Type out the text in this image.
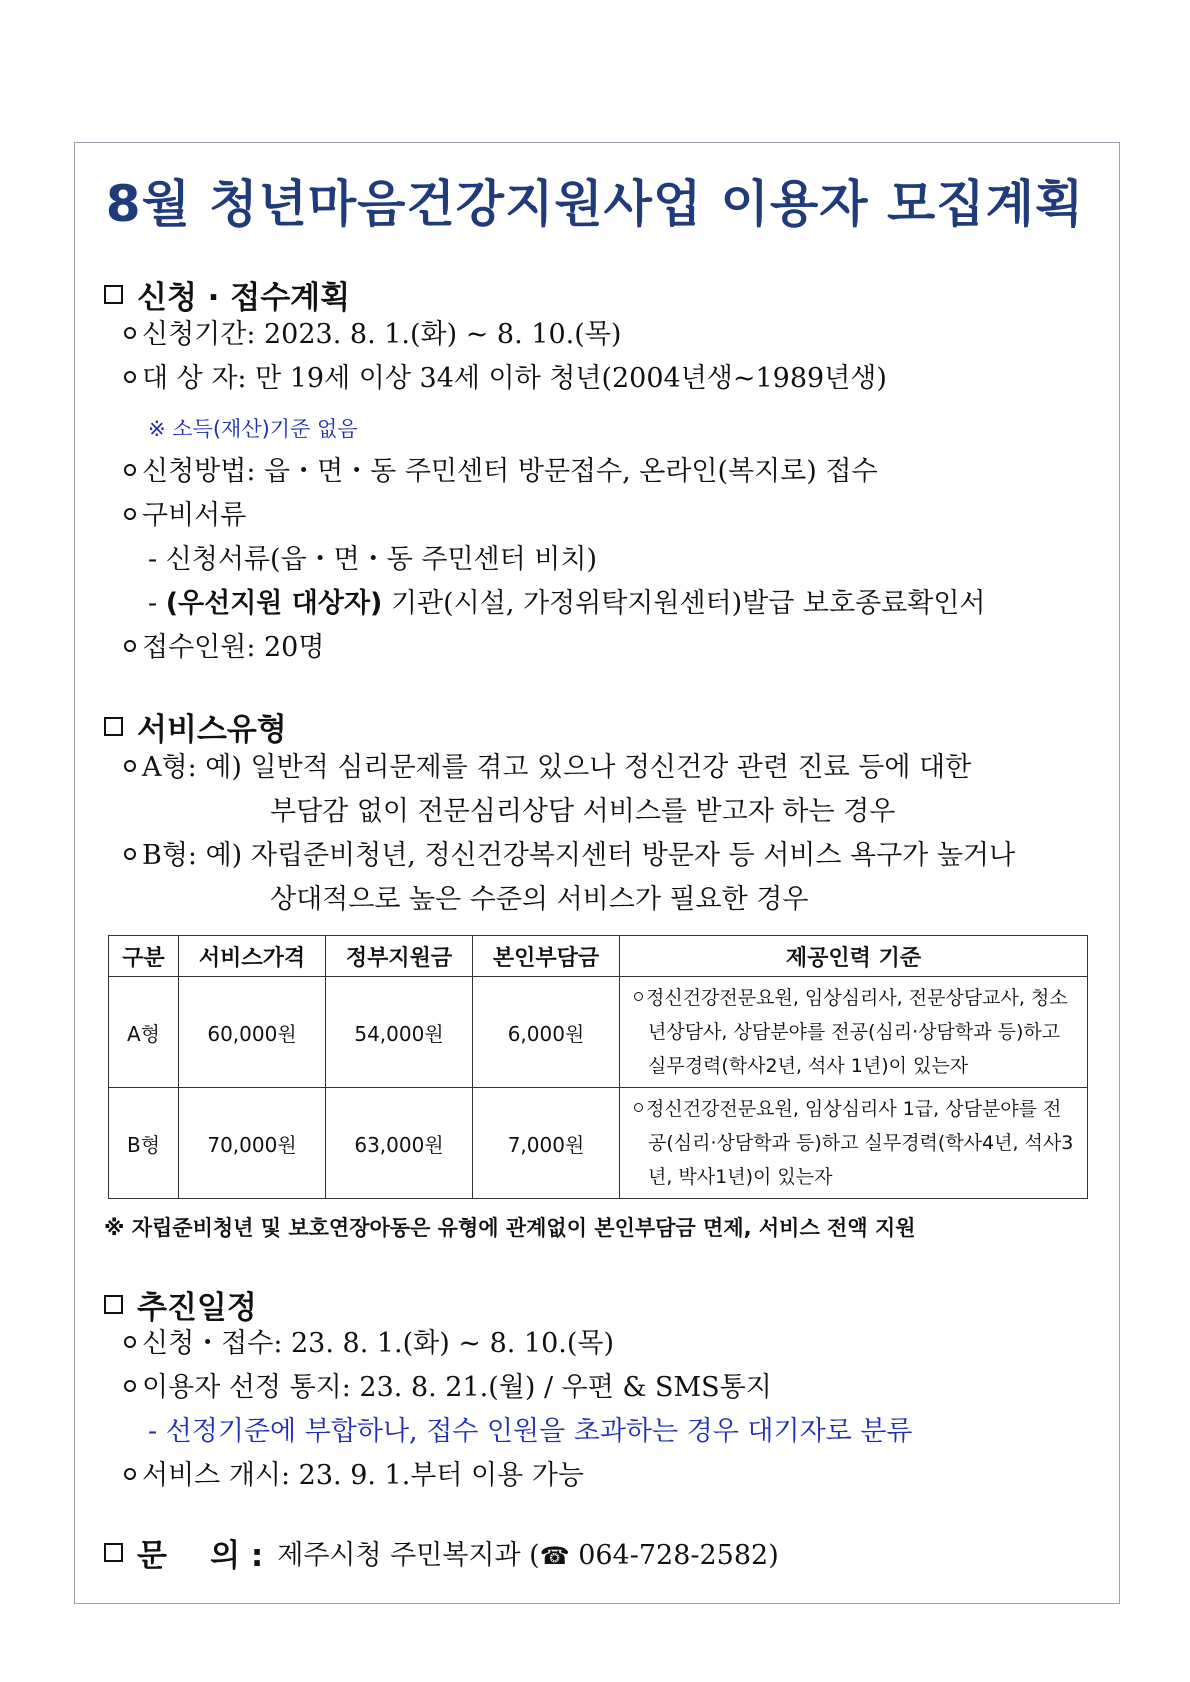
8월 청년마음건강지원사업 이용자 모집계획
신청 · 접수계획
신청기간: 2023. 8. 1.(화) ~ 8. 10.(목)
대 상 자: 만 19세 이상 34세 이하 청년(2004년생~1989년생)
※ 소득(재산)기준 없음
신청방법: 읍・면・동 주민센터 방문접수, 온라인(복지로) 접수
구비서류
- 신청서류(읍・면・동 주민센터 비치)
- (우선지원 대상자) 기관(시설, 가정위탁지원센터)발급 보호종료확인서
접수인원: 20명
서비스유형
A형: 예) 일반적 심리문제를 겪고 있으나 정신건강 관련 진료 등에 대한
부담감 없이 전문심리상담 서비스를 받고자 하는 경우
B형: 예) 자립준비청년, 정신건강복지센터 방문자 등 서비스 욕구가 높거나
상대적으로 높은 수준의 서비스가 필요한 경우
구분	서비스가격	정부지원금	본인부담금	제공인력 기준
A형	60,000원	54,000원	6,000원	정신건강전문요원, 임상심리사, 전문상담교사, 청소년상담사, 상담분야를 전공(심리·상담학과 등)하고 실무경력(학사2년, 석사 1년)이 있는자

B형	70,000원	63,000원	7,000원	정신건강전문요원, 임상심리사 1급, 상담분야를 전공(심리·상담학과 등)하고 실무경력(학사4년, 석사3년, 박사1년)이 있는자
※ 자립준비청년 및 보호연장아동은 유형에 관계없이 본인부담금 면제, 서비스 전액 지원
추진일정
신청・접수: 23. 8. 1.(화) ~ 8. 10.(목)
이용자 선정 통지: 23. 8. 21.(월) / 우편 & SMS통지
- 선정기준에 부합하나, 접수 인원을 초과하는 경우 대기자로 분류
서비스 개시: 23. 9. 1.부터 이용 가능
문    의 : 제주시청 주민복지과 (☎ 064-728-2582)
